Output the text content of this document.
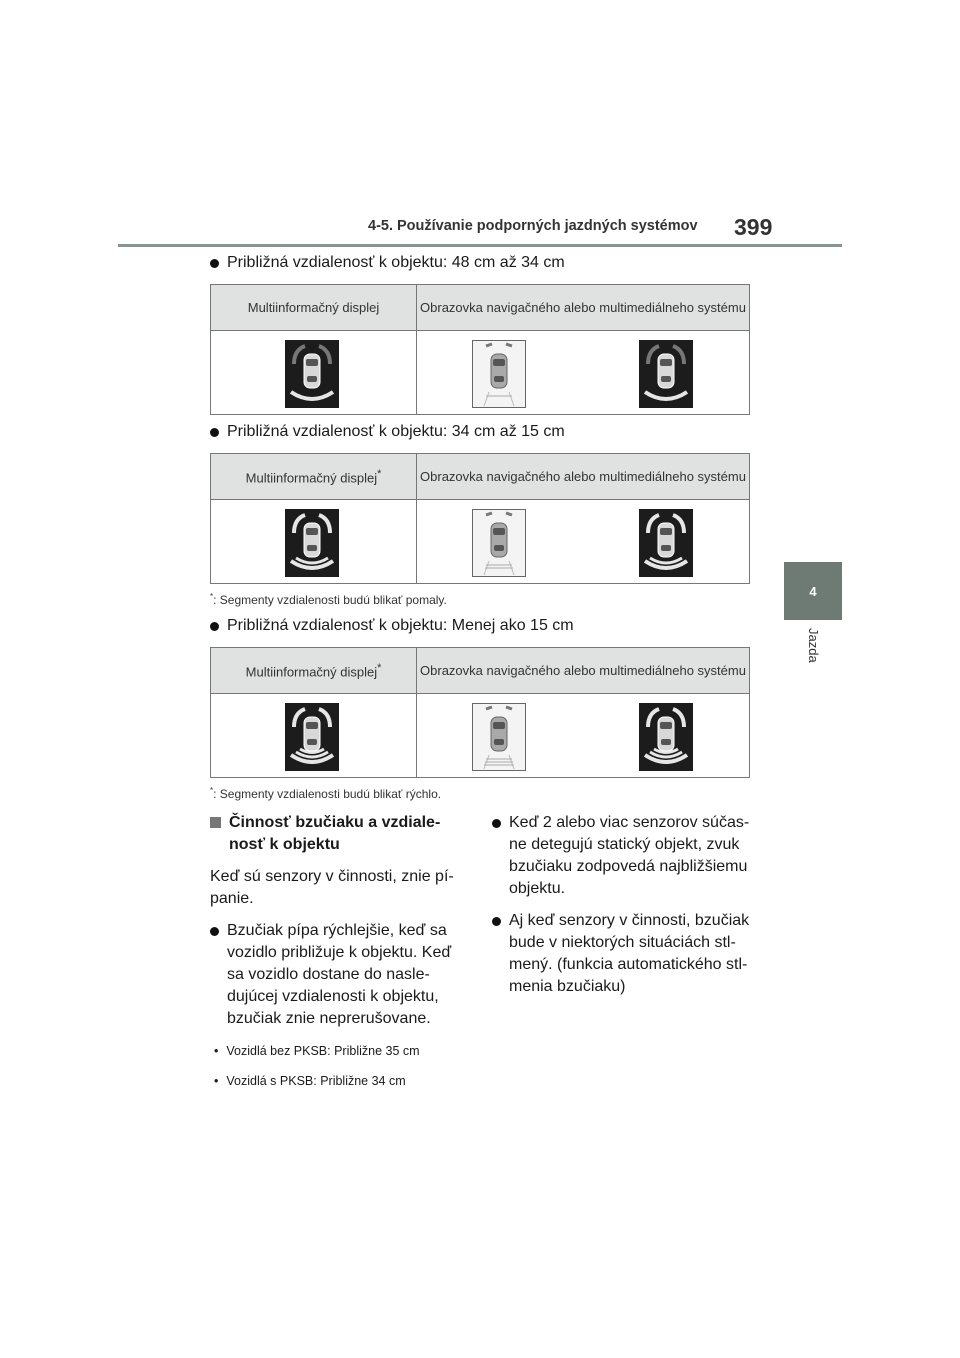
4-5. Používanie podporných jazdných systémov 399
4
Jazda
Približná vzdialenosť k objektu: 48 cm až 34 cm
Multiinformačný displej	Obrazovka navigačného alebo multimediálneho systému

Približná vzdialenosť k objektu: 34 cm až 15 cm
Multiinformačný displej*	Obrazovka navigačného alebo multimediálneho systému

*: Segmenty vzdialenosti budú blikať pomaly.
Približná vzdialenosť k objektu: Menej ako 15 cm
Multiinformačný displej*	Obrazovka navigačného alebo multimediálneho systému

*: Segmenty vzdialenosti budú blikať rýchlo.
Činnosť bzučiaku a vzdiale-nosť k objektu
Keď sú senzory v činnosti, znie pí-panie.
Bzučiak pípa rýchlejšie, keď sa vozidlo približuje k objektu. Keď sa vozidlo dostane do nasle-dujúcej vzdialenosti k objektu, bzučiak znie neprerušovane.
• Vozidlá bez PKSB: Približne 35 cm
• Vozidlá s PKSB: Približne 34 cm
Keď 2 alebo viac senzorov súčas-ne detegujú statický objekt, zvuk bzučiaku zodpovedá najbližšiemu objektu.
Aj keď senzory v činnosti, bzučiak bude v niektorých situáciách stl-mený. (funkcia automatického stl-menia bzučiaku)
